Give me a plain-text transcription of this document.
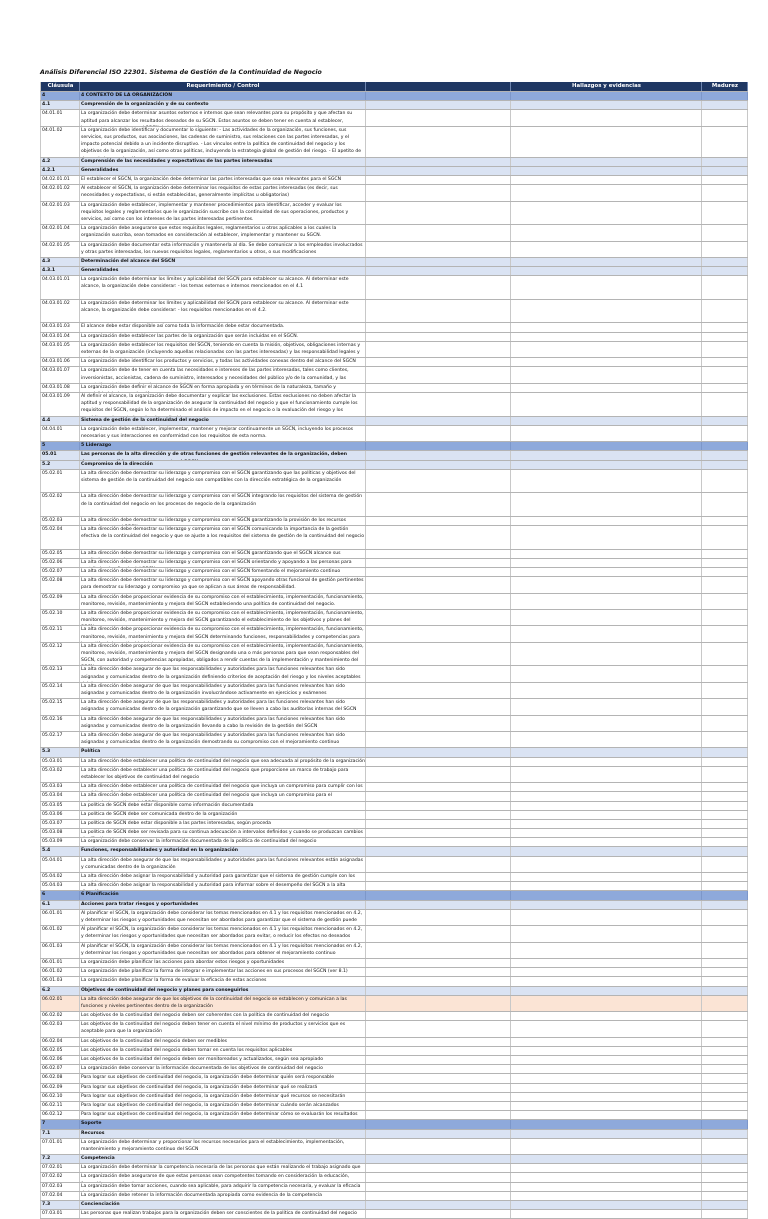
Análisis Diferencial ISO 22301. Sistema de Gestión de la Continuidad de Negocio
Cláusula	Requerimiento / Control	Hallazgos y evidencias	Madurez
4	4 CONTEXTO DE LA ORGANIZACIÓN
4.1	Comprensión de la organización y de su contexto
04.01.01	La organización debe determinar asuntos externos e internos que sean relevantes para su propósito y que afectan su aptitud para alcanzar los resultados deseados de su SGCN. Estos asuntos se deben tener en cuenta al establecer,
04.01.02	La organización debe identificar y documentar lo siguiente: - Las actividades de la organización, sus funciones, sus servicios, sus productos, sus asociaciones, las cadenas de suministro, sus relaciones con las partes interesadas, y el impacto potencial debido a un incidente disruptivo. - Los vínculos entre la política de continuidad del negocio y los objetivos de la organización, así como otras políticas, incluyendo la estrategia global de gestión del riesgo. - El apetito de
4.2	Comprensión de las necesidades y expectativas de las partes interesadas
4.2.1	Generalidades
04.02.01.01	El establecer el SGCN, la organización debe determinar las partes interesadas que sean relevantes para el SGCN
04.02.01.02	Al establecer el SGCN, la organización debe determinar los requisitos de estas partes interesadas (es decir, sus necesidades y expectativas, si están establecidas, generalmente implícitas u obligatorias)
04.02.01.03	La organización debe establecer, implementar y mantener procedimientos para identificar, acceder y evaluar los requisitos legales y reglamentarios que le organización suscribe con la continuidad de sus operaciones, productos y servicios, así como con los intereses de las partes interesadas pertinentes.
04.02.01.04	La organización debe asegurarse que estos requisitos legales, reglamentarios u otros aplicables a los cuales la organización suscriba, sean tomados en consideración al establecer, implementar y mantener su SGCN.
04.02.01.05	La organización debe documentar esta información y mantenerla al día. Se debe comunicar a los empleados involucrados y otras partes interesadas, los nuevos requisitos legales, reglamentarios u otros, o sus modificaciones
4.3	Determinación del alcance del SGCN
4.3.1	Generalidades
04.03.01.01	La organización debe determinar los límites y aplicabilidad del SGCN para establecer su alcance. Al determinar este alcance, la organización debe considerar: - los temas externos e internos mencionados en el 4.1
04.03.01.02	La organización debe determinar los límites y aplicabilidad del SGCN para establecer su alcance. Al determinar este alcance, la organización debe considerar: - los requisitos mencionados en el 4.2.
04.03.01.03	El alcance debe estar disponible así como toda la información debe estar documentada.
04.03.01.04	La organización debe establecer las partes de la organización que serán incluidas en el SGCN.
04.03.01.05	La organización debe establecer los requisitos del SGCN, teniendo en cuenta la misión, objetivos, obligaciones internas y externas de la organización (incluyendo aquellas relacionadas con las partes interesadas) y las responsabilidad legales y
04.03.01.06	La organización debe identificar los productos y servicios, y todas las actividades conexas dentro del alcance del SGCN
04.03.01.07	La organización debe de tener en cuenta las necesidades e intereses de las partes interesadas, tales como clientes, inversionistas, accionistas, cadena de suministro, interesados y necesidades del público y/o de la comunidad, y las
04.03.01.08	La organización debe definir el alcance de SGCN en forma apropiada y en términos de la naturaleza, tamaño y
04.03.01.09	Al definir el alcance, la organización debe documentar y explicar las exclusiones. Estas exclusiones no deben afectar la aptitud y responsabilidad de la organización de asegurar la continuidad del negocio y que el funcionamiento cumple los requisitos del SGCN, según lo ha determinado el análisis de impacto en el negocio o la evaluación del riesgo y los
4.4	Sistema de gestión de la continuidad del negocio
04.04.01	La organización debe establecer, implementar, mantener y mejorar continuamente un SGCN, incluyendo los procesos necesarios y sus interacciones en conformidad con los requisitos de esta norma.
5	5 Liderazgo
05.01	Las personas de la alta dirección y de otras funciones de gestión relevantes de la organización, deben
5.2	Compromiso de la dirección
05.02.01	La alta dirección debe demostrar su liderazgo y compromiso con el SGCN garantizando que las políticas y objetivos del sistema de gestión de la continuidad del negocio son compatibles con la dirección estratégica de la organización
05.02.02	La alta dirección debe demostrar su liderazgo y compromiso con el SGCN integrando los requisitos del sistema de gestión de la continuidad del negocio en los procesos de negocio de la organización
05.02.03	La alta dirección debe demostrar su liderazgo y compromiso con el SGCN garantizando la provisión de los recursos
05.02.04	La alta dirección debe demostrar su liderazgo y compromiso con el SGCN comunicando la importancia de la gestión efectiva de la continuidad del negocio y que se ajuste a los requisitos del sistema de gestión de la continuidad del negocio
05.02.05	La alta dirección debe demostrar su liderazgo y compromiso con el SGCN garantizando que el SGCN alcance sus
05.02.06	La alta dirección debe demostrar su liderazgo y compromiso con el SGCN orientando y apoyando a las personas para
05.02.07	La alta dirección debe demostrar su liderazgo y compromiso con el SGCN fomentando el mejoramiento continuo
05.02.08	La alta dirección debe demostrar su liderazgo y compromiso con el SGCN apoyando otras funcional de gestión pertinentes para demostrar su liderazgo y compromiso ya que se aplican a sus áreas de responsabilidad.
05.02.09	La alta dirección debe proporcionar evidencia de su compromiso con el establecimiento, implementación, funcionamiento, monitoreo, revisión, mantenimiento y mejora del SGCN estableciendo una política de continuidad del negocio.
05.02.10	La alta dirección debe proporcionar evidencia de su compromiso con el establecimiento, implementación, funcionamiento, monitoreo, revisión, mantenimiento y mejora del SGCN garantizando el establecimiento de los objetivos y planes del
05.02.11	La alta dirección debe proporcionar evidencia de su compromiso con el establecimiento, implementación, funcionamiento, monitoreo, revisión, mantenimiento y mejora del SGCN determinando funciones, responsabilidades y competencias para
05.02.12	La alta dirección debe proporcionar evidencia de su compromiso con el establecimiento, implementación, funcionamiento, monitoreo, revisión, mantenimiento y mejora del SGCN designando una o más personas para que sean responsables del SGCN, con autoridad y competencias apropiadas, obligados a rendir cuentas de la implementación y mantenimiento del
05.02.13	La alta dirección debe asegurar de que las responsabilidades y autoridades para las funciones relevantes han sido asignadas y comunicadas dentro de la organización definiendo criterios de aceptación del riesgo y los niveles aceptables
05.02.14	La alta dirección debe asegurar de que las responsabilidades y autoridades para las funciones relevantes han sido asignadas y comunicadas dentro de la organización involucrándose activamente en ejercicios y exámenes
05.02.15	La alta dirección debe asegurar de que las responsabilidades y autoridades para las funciones relevantes han sido asignadas y comunicadas dentro de la organización garantizando que se lleven a cabo las auditorías internas del SGCN
05.02.16	La alta dirección debe asegurar de que las responsabilidades y autoridades para las funciones relevantes han sido asignadas y comunicadas dentro de la organización llevando a cabo la revisión de la gestión del SGCN
05.02.17	La alta dirección debe asegurar de que las responsabilidades y autoridades para las funciones relevantes han sido asignadas y comunicadas dentro de la organización demostrando su compromiso con el mejoramiento continuo
5.3	Política
05.03.01	La alta dirección debe establecer una política de continuidad del negocio que sea adecuada al propósito de la organización
05.03.02	La alta dirección debe establecer una política de continuidad del negocio que proporcione un marco de trabajo para establecer los objetivos de continuidad del negocio
05.03.03	La alta dirección debe establecer una política de continuidad del negocio que incluya un compromiso para cumplir con los
05.03.04	La alta dirección debe establecer una política de continuidad del negocio que incluya un compromiso para el
05.03.05	La política de SGCN debe estar disponible como información documentada
05.03.06	La política de SGCN debe ser comunicada dentro de la organización
05.03.07	La política de SGCN debe estar disponible a las partes interesadas, según proceda
05.03.08	La política de SGCN debe ser revisada para su continua adecuación a intervalos definidos y cuando se produzcan cambios
05.03.09	La organización debe conservar la información documentada de la política de continuidad del negocio
5.4	Funciones, responsabilidades y autoridad en la organización
05.04.01	La alta dirección debe asegurar de que las responsabilidades y autoridades para las funciones relevantes están asignadas y comunicadas dentro de la organización
05.04.02	La alta dirección debe asignar la responsabilidad y autoridad para garantizar que el sistema de gestión cumple con los
05.04.03	La alta dirección debe asignar la responsabilidad y autoridad para informar sobre el desempeño del SGCN a la alta
6	6 Planificación
6.1	Acciones para tratar riesgos y oportunidades
06.01.01	Al planificar el SGCN, la organización debe considerar los temas mencionados en 4.1 y los requisitos mencionados en 4.2, y determinar los riesgos y oportunidades que necesitan ser abordados para garantizar que el sistema de gestión puede
06.01.02	Al planificar el SGCN, la organización debe considerar los temas mencionados en 4.1 y los requisitos mencionados en 4.2, y determinar los riesgos y oportunidades que necesitan ser abordados para evitar, o reducir los efectos no deseados
06.01.03	Al planificar el SGCN, la organización debe considerar los temas mencionados en 4.1 y los requisitos mencionados en 4.2, y determinar los riesgos y oportunidades que necesitan ser abordados para obtener el mejoramiento continuo
06.01.01	La organización debe planificar las acciones para abordar estos riesgos y oportunidades
06.01.02	La organización debe planificar la forma de integrar e implementar las acciones en sus procesos del SGCN (ver 8.1)
06.01.03	La organización debe planificar la forma de evaluar la eficacia de estas acciones
6.2	Objetivos de continuidad del negocio y planes para conseguirlos
06.02.01	La alta dirección debe asegurar de que los objetivos de la continuidad del negocio se establecen y comunican a las funciones y niveles pertinentes dentro de la organización
06.02.02	Los objetivos de la continuidad del negocio deben ser coherentes con la política de continuidad del negocio
06.02.03	Los objetivos de la continuidad del negocio deben tener en cuenta el nivel mínimo de productos y servicios que es aceptable para que la organización
06.02.04	Los objetivos de la continuidad del negocio deben ser medibles
06.02.05	Los objetivos de la continuidad del negocio deben tomar en cuenta los requisitos aplicables
06.02.06	Los objetivos de la continuidad del negocio deben ser monitoreados y actualizados, según sea apropiado
06.02.07	La organización debe conservar la información documentada de los objetivos de continuidad del negocio
06.02.08	Para lograr sus objetivos de continuidad del negocio, la organización debe determinar quién será responsable
06.02.09	Para lograr sus objetivos de continuidad del negocio, la organización debe determinar qué se realizará
06.02.10	Para lograr sus objetivos de continuidad del negocio, la organización debe determinar qué recursos se necesitarán
06.02.11	Para lograr sus objetivos de continuidad del negocio, la organización debe determinar cuándo serán alcanzados
06.02.12	Para lograr sus objetivos de continuidad del negocio, la organización debe determinar cómo se evaluarán los resultados
7	Soporte
7.1	Recursos
07.01.01	La organización debe determinar y proporcionar los recursos necesarios para el establecimiento, implementación, mantenimiento y mejoramiento continuo del SGCN
7.2	Competencia
07.02.01	La organización debe determinar la competencia necesaria de las personas que están realizando el trabajo asignado que
07.02.02	La organización debe asegurarse de que estas personas sean competentes tomando en consideración la educación,
07.02.03	La organización debe tomar acciones, cuando sea aplicable, para adquirir la competencia necesaria, y evaluar la eficacia
07.02.04	La organización debe retener la información documentada apropiada como evidencia de la competencia
7.3	Concienciación
07.03.01	Las personas que realizan trabajos para la organización deben ser conscientes de la política de continuidad del negocio
